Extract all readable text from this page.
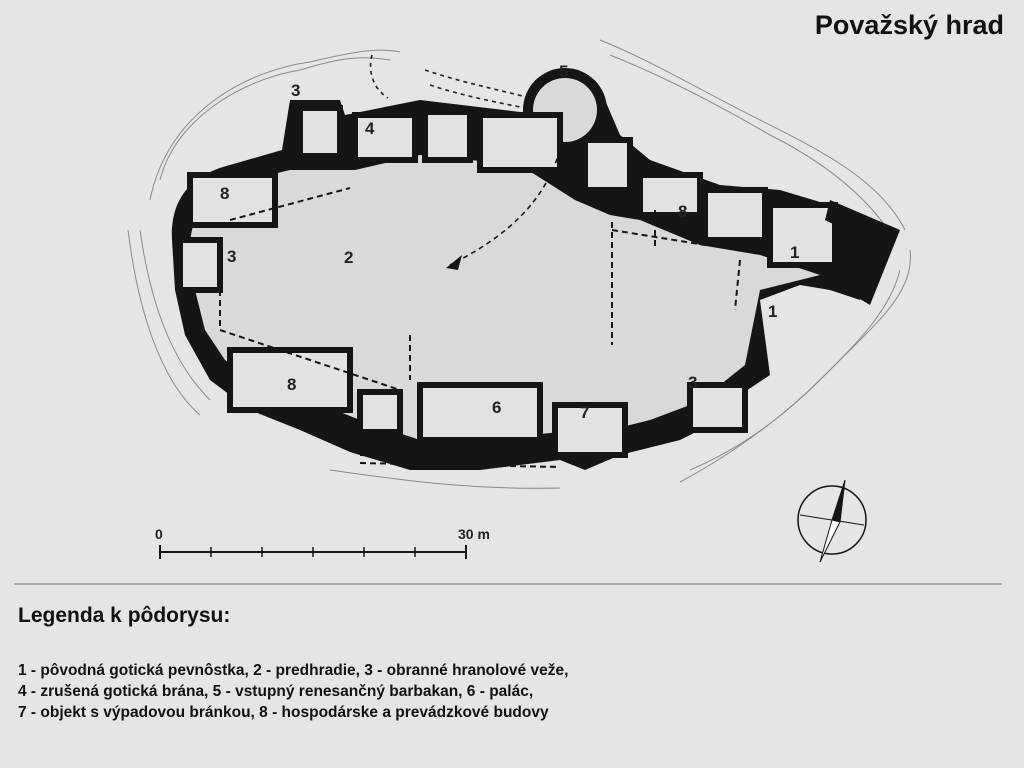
Považský hrad
3
4
5
8
3	2
8
6	7
3
8
1
1
0	30 m
Legenda k pôdorysu:
1 - pôvodná gotická pevnôstka, 2 - predhradie, 3 - obranné hranolové veže,
4 - zrušená gotická brána, 5 - vstupný renesančný barbakan, 6 - palác,
7 - objekt s výpadovou bránkou, 8 - hospodárske a prevádzkové budovy
